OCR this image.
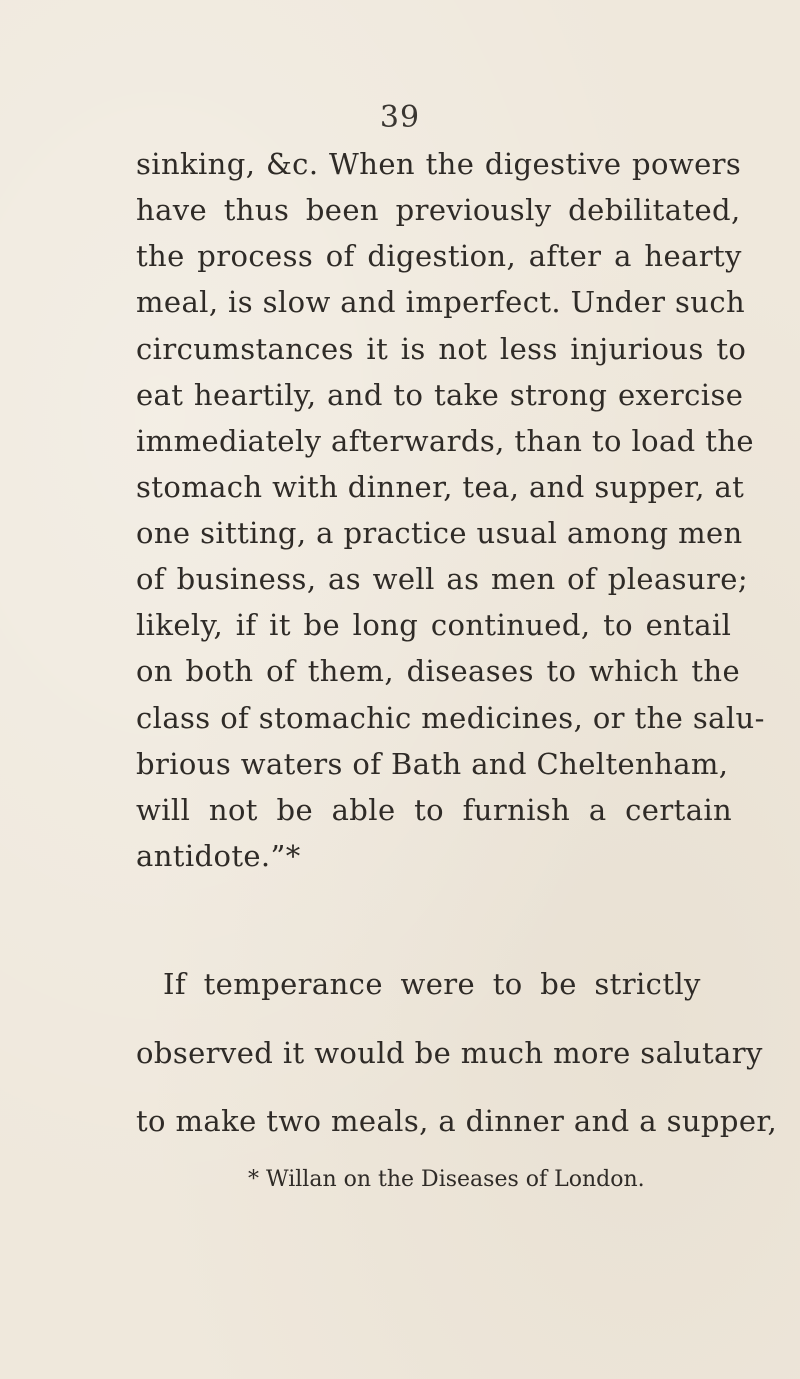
39
sinking, &c. When the digestive powers
have thus been previously debilitated,
the process of digestion, after a hearty
meal, is slow and imperfect. Under such
circumstances it is not less injurious to
eat heartily, and to take strong exercise
immediately afterwards, than to load the
stomach with dinner, tea, and supper, at
one sitting, a practice usual among men
of business, as well as men of pleasure;
likely, if it be long continued, to entail
on both of them, diseases to which the
class of stomachic medicines, or the salu-
brious waters of Bath and Cheltenham,
will not be able to furnish a certain
antidote.”*
If temperance were to be strictly
observed it would be much more salutary
to make two meals, a dinner and a supper,
* Willan on the Diseases of London.
